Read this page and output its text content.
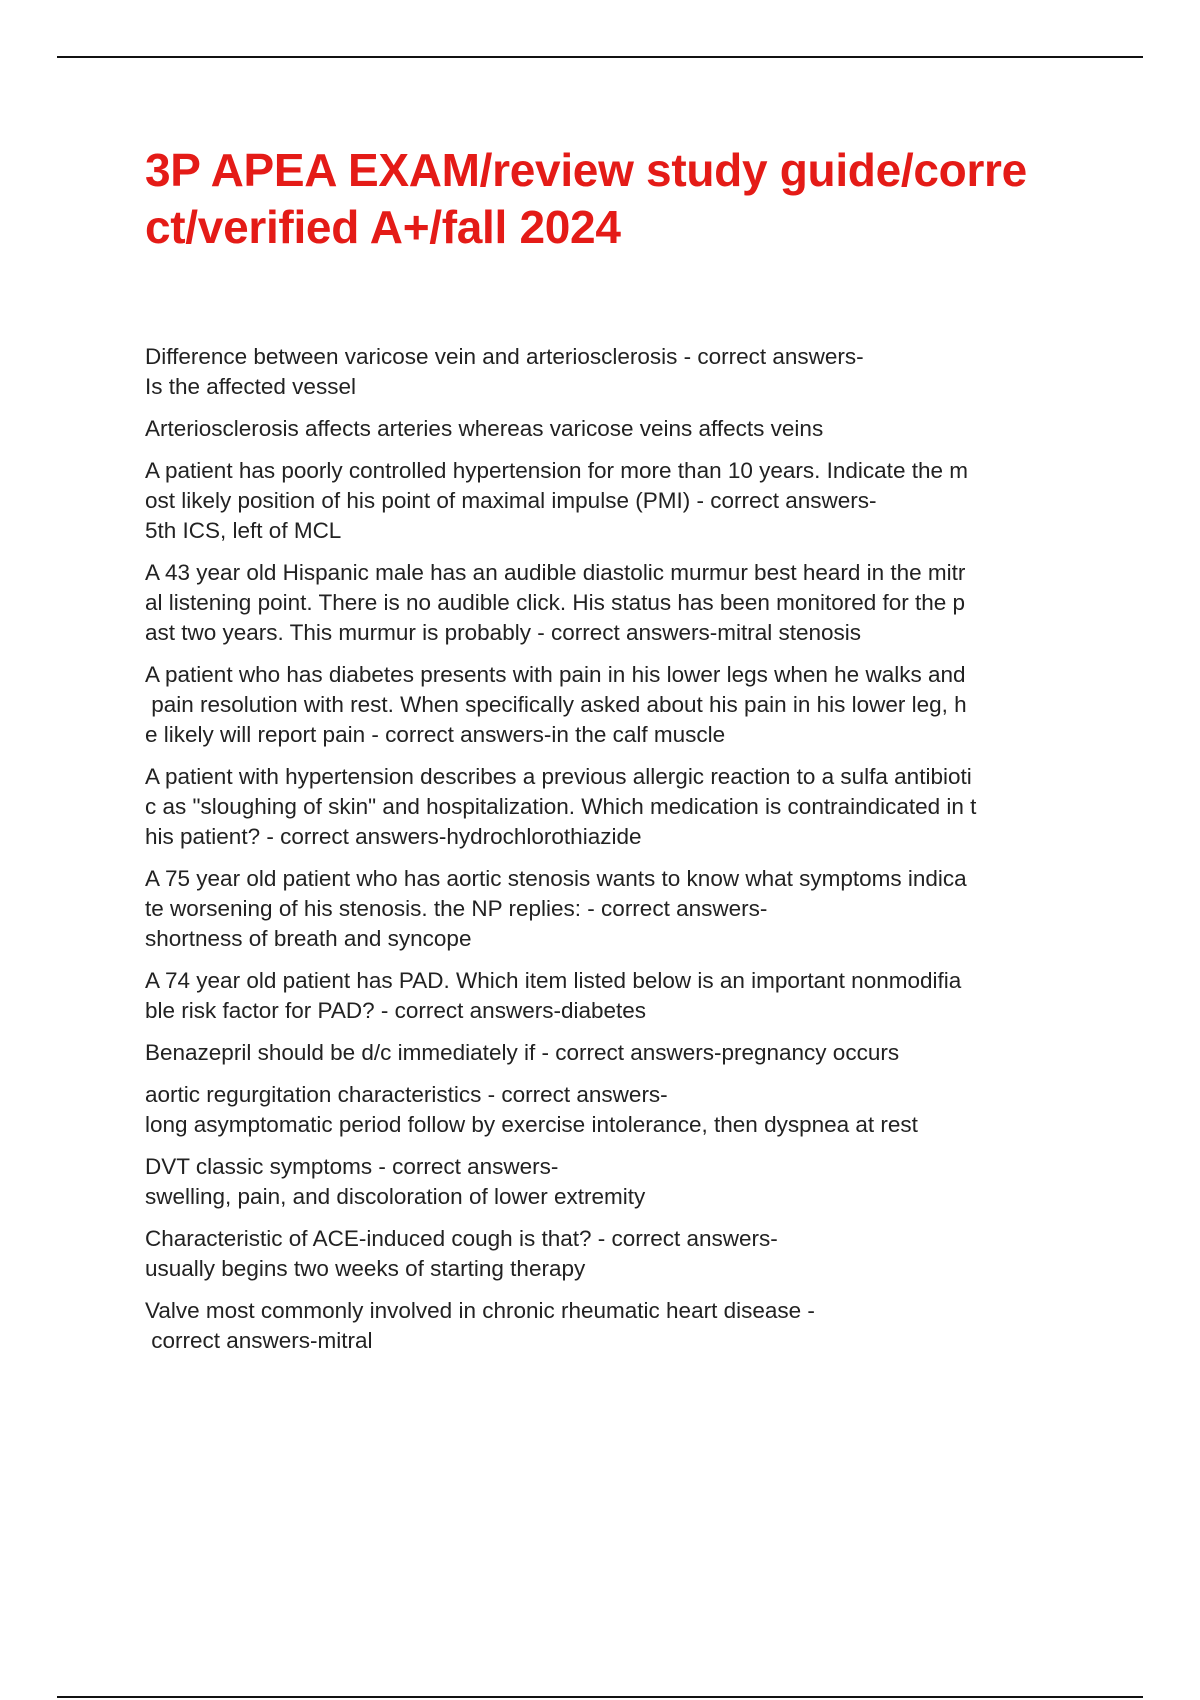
3P APEA EXAM/review study guide/corre
ct/verified A+/fall 2024

Difference between varicose vein and arteriosclerosis - correct answers-
Is the affected vessel

Arteriosclerosis affects arteries whereas varicose veins affects veins

A patient has poorly controlled hypertension for more than 10 years. Indicate the m
ost likely position of his point of maximal impulse (PMI) - correct answers-
5th ICS, left of MCL

A 43 year old Hispanic male has an audible diastolic murmur best heard in the mitr
al listening point. There is no audible click. His status has been monitored for the p
ast two years. This murmur is probably - correct answers-mitral stenosis

A patient who has diabetes presents with pain in his lower legs when he walks and
pain resolution with rest. When specifically asked about his pain in his lower leg, h
e likely will report pain - correct answers-in the calf muscle

A patient with hypertension describes a previous allergic reaction to a sulfa antibioti
c as "sloughing of skin" and hospitalization. Which medication is contraindicated in t
his patient? - correct answers-hydrochlorothiazide

A 75 year old patient who has aortic stenosis wants to know what symptoms indica
te worsening of his stenosis. the NP replies: - correct answers-
shortness of breath and syncope

A 74 year old patient has PAD. Which item listed below is an important nonmodifia
ble risk factor for PAD? - correct answers-diabetes

Benazepril should be d/c immediately if - correct answers-pregnancy occurs

aortic regurgitation characteristics - correct answers-
long asymptomatic period follow by exercise intolerance, then dyspnea at rest

DVT classic symptoms - correct answers-
swelling, pain, and discoloration of lower extremity

Characteristic of ACE-induced cough is that? - correct answers-
usually begins two weeks of starting therapy

Valve most commonly involved in chronic rheumatic heart disease -
correct answers-mitral
